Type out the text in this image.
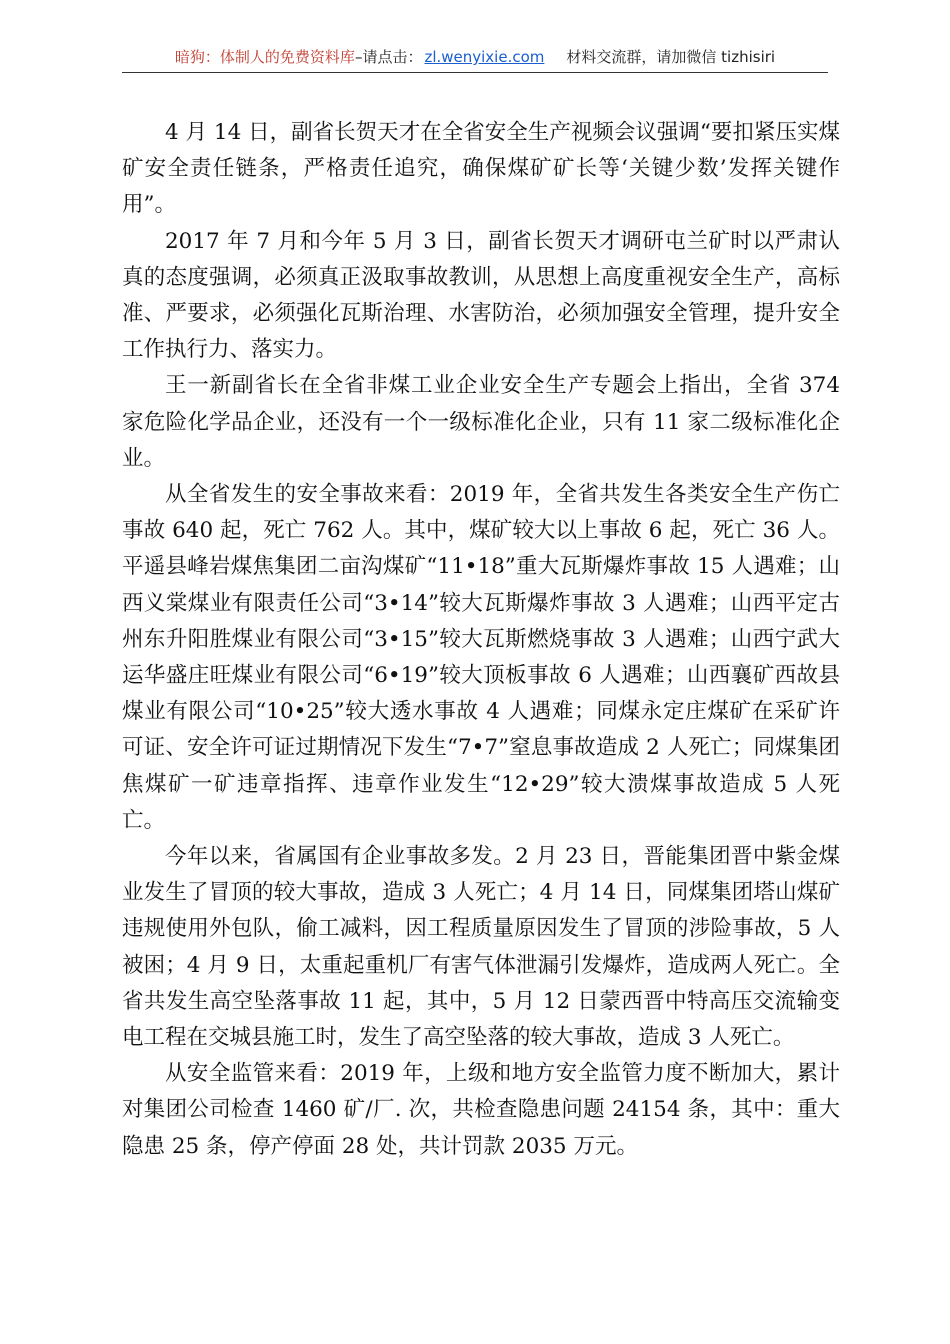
暗狗：体制人的免费资料库–请点击： zl.wenyixie.com 材料交流群，请加微信 tizhisiri

4 月 14 日，副省长贺天才在全省安全生产视频会议强调“要扣紧压实煤矿安全责任链条，严格责任追究，确保煤矿矿长等‘关键少数’发挥关键作用”。

2017 年 7 月和今年 5 月 3 日，副省长贺天才调研屯兰矿时以严肃认真的态度强调，必须真正汲取事故教训，从思想上高度重视安全生产，高标准、严要求，必须强化瓦斯治理、水害防治，必须加强安全管理，提升安全工作执行力、落实力。

王一新副省长在全省非煤工业企业安全生产专题会上指出，全省 374 家危险化学品企业，还没有一个一级标准化企业，只有 11 家二级标准化企业。

从全省发生的安全事故来看：2019 年，全省共发生各类安全生产伤亡事故 640 起，死亡 762 人。其中，煤矿较大以上事故 6 起，死亡 36 人。平遥县峰岩煤焦集团二亩沟煤矿“11•18”重大瓦斯爆炸事故 15 人遇难；山西义棠煤业有限责任公司“3•14”较大瓦斯爆炸事故 3 人遇难；山西平定古州东升阳胜煤业有限公司“3•15”较大瓦斯燃烧事故 3 人遇难；山西宁武大运华盛庄旺煤业有限公司“6•19”较大顶板事故 6 人遇难；山西襄矿西故县煤业有限公司“10•25”较大透水事故 4 人遇难；同煤永定庄煤矿在采矿许可证、安全许可证过期情况下发生“7•7”窒息事故造成 2 人死亡；同煤集团焦煤矿一矿违章指挥、违章作业发生“12•29”较大溃煤事故造成 5 人死亡。

今年以来，省属国有企业事故多发。2 月 23 日，晋能集团晋中紫金煤业发生了冒顶的较大事故，造成 3 人死亡；4 月 14 日，同煤集团塔山煤矿违规使用外包队，偷工减料，因工程质量原因发生了冒顶的涉险事故，5 人被困；4 月 9 日，太重起重机厂有害气体泄漏引发爆炸，造成两人死亡。全省共发生高空坠落事故 11 起，其中，5 月 12 日蒙西晋中特高压交流输变电工程在交城县施工时，发生了高空坠落的较大事故，造成 3 人死亡。

从安全监管来看：2019 年，上级和地方安全监管力度不断加大，累计对集团公司检查 1460 矿/厂. 次，共检查隐患问题 24154 条，其中：重大隐患 25 条，停产停面 28 处，共计罚款 2035 万元。
